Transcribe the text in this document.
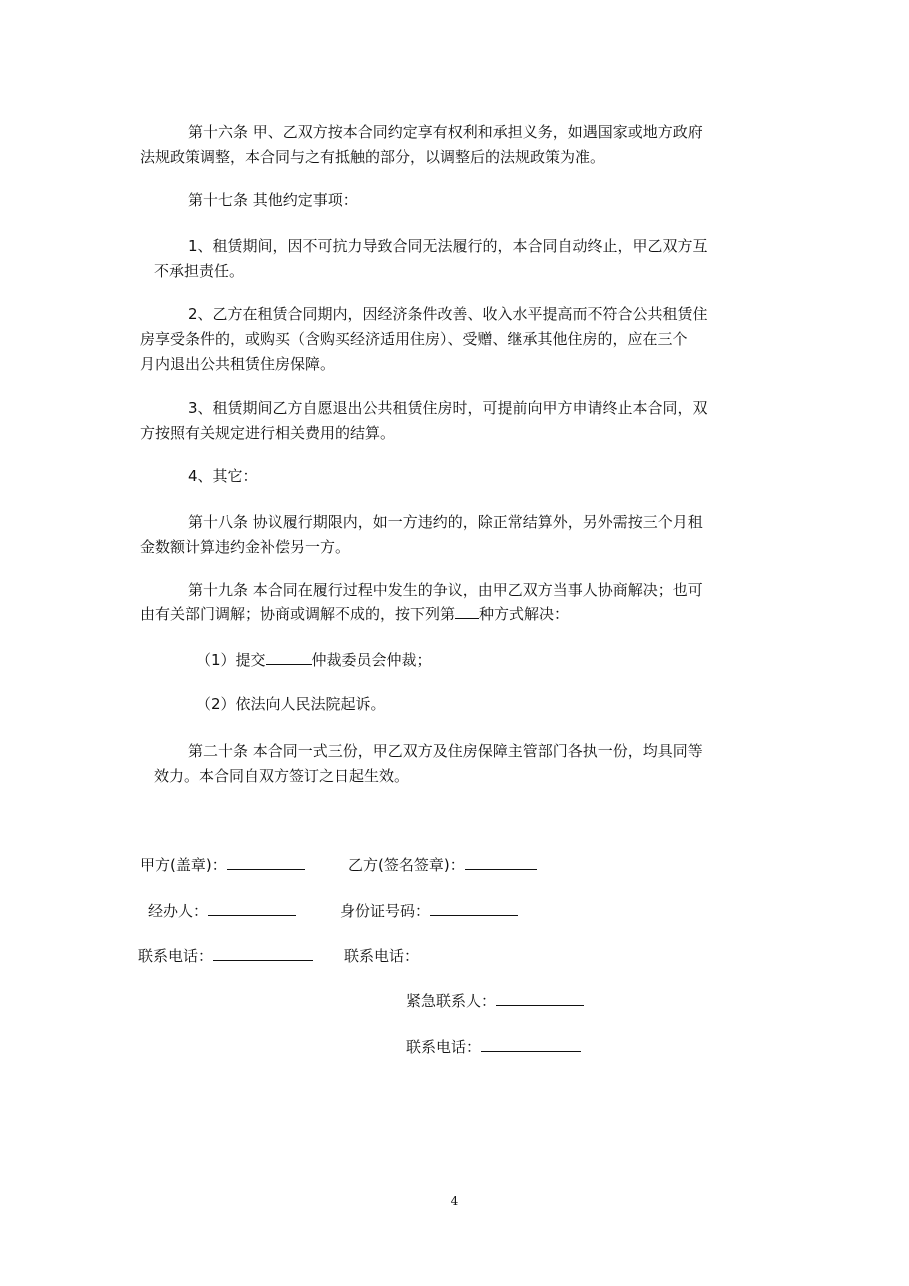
第十六条 甲、乙双方按本合同约定享有权利和承担义务，如遇国家或地方政府
法规政策调整，本合同与之有抵触的部分，以调整后的法规政策为准。
第十七条 其他约定事项：
1、租赁期间，因不可抗力导致合同无法履行的，本合同自动终止，甲乙双方互
不承担责任。
2、乙方在租赁合同期内，因经济条件改善、收入水平提高而不符合公共租赁住
房享受条件的，或购买（含购买经济适用住房）、受赠、继承其他住房的，应在三个
月内退出公共租赁住房保障。
3、租赁期间乙方自愿退出公共租赁住房时，可提前向甲方申请终止本合同，双
方按照有关规定进行相关费用的结算。
4、其它：
第十八条 协议履行期限内，如一方违约的，除正常结算外，另外需按三个月租
金数额计算违约金补偿另一方。
第十九条 本合同在履行过程中发生的争议，由甲乙双方当事人协商解决；也可
由有关部门调解；协商或调解不成的，按下列第 种方式解决：
（1）提交	仲裁委员会仲裁；
（2）依法向人民法院起诉。
第二十条 本合同一式三份，甲乙双方及住房保障主管部门各执一份，均具同等
效力。本合同自双方签订之日起生效。
甲方(盖章)：	乙方(签名签章)：
经办人：	身份证号码：
联系电话：	联系电话：
紧急联系人：
联系电话：
4
